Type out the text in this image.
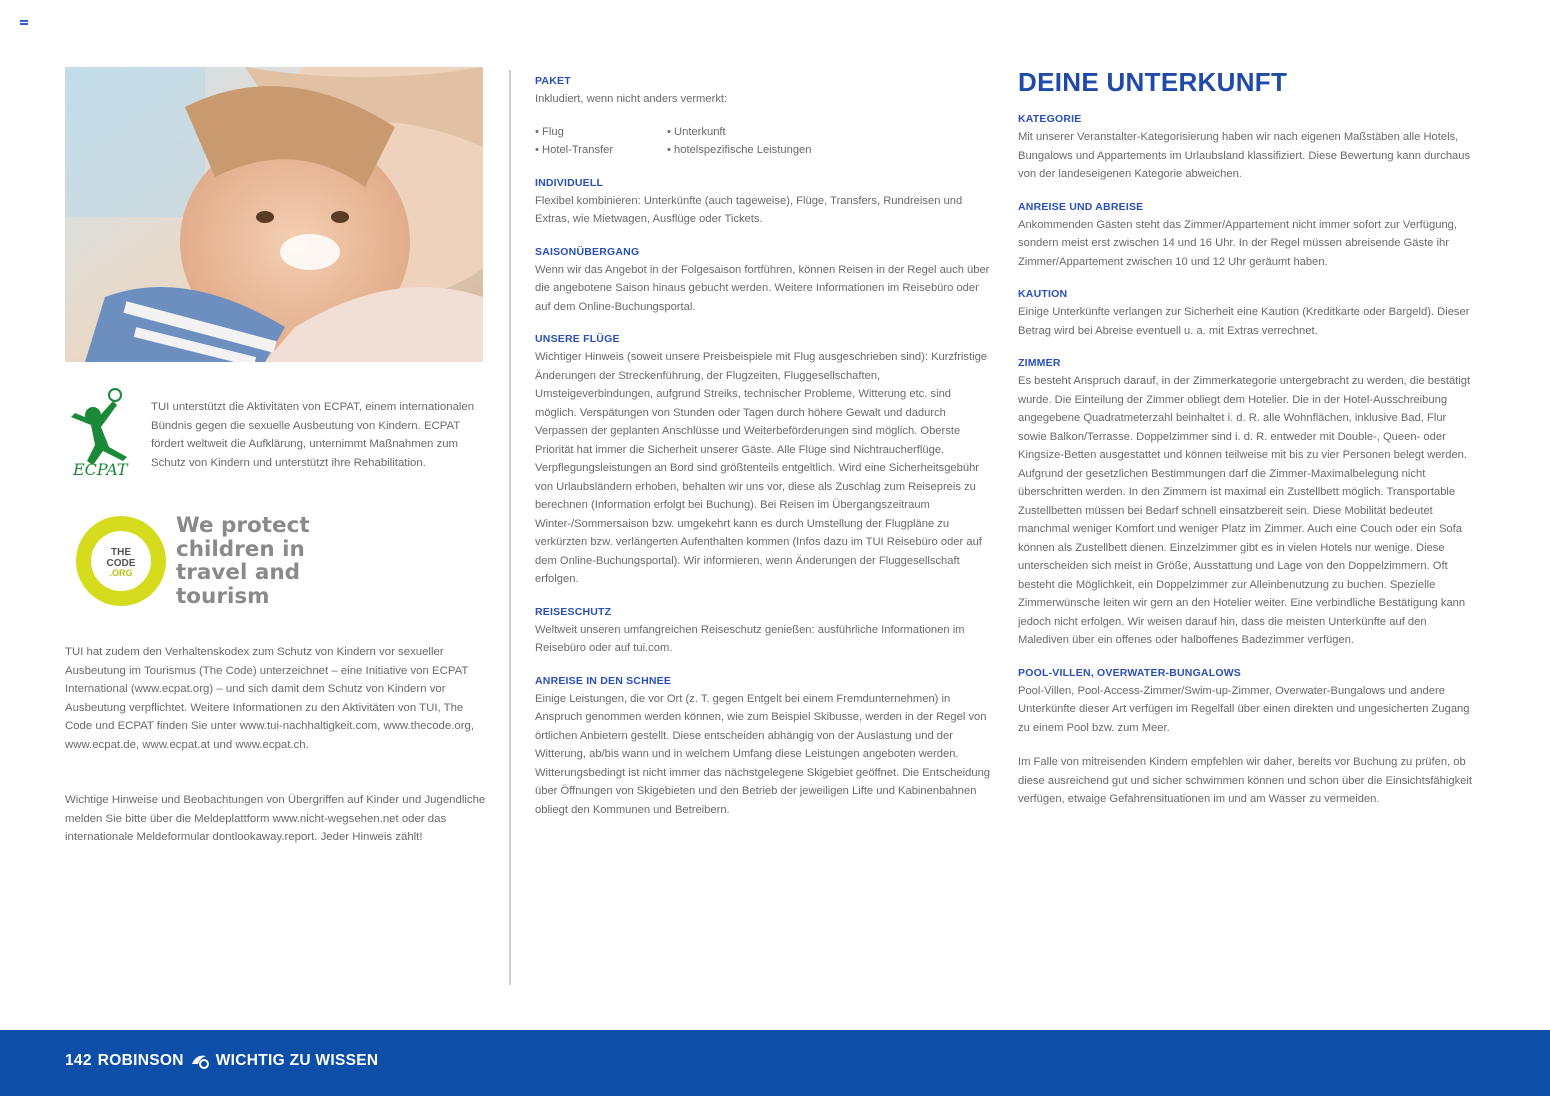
ECPAT

TUI unterstützt die Aktivitäten von ECPAT, einem internationalen Bündnis gegen die sexuelle Ausbeutung von Kindern. ECPAT fördert weltweit die Aufklärung, unternimmt Maßnahmen zum Schutz von Kindern und unterstützt ihre Rehabilitation.

THE
CODE
.ORG
We protect
children in
travel and
tourism

TUI hat zudem den Verhaltenskodex zum Schutz von Kindern vor sexueller Ausbeutung im Tourismus (The Code) unterzeichnet – eine Initiative von ECPAT International (www.ecpat.org) – und sich damit dem Schutz von Kindern vor Ausbeutung verpflichtet. Weitere Informationen zu den Aktivitäten von TUI, The Code und ECPAT finden Sie unter www.tui-nachhaltigkeit.com, www.thecode.org, www.ecpat.de, www.ecpat.at und www.ecpat.ch.

Wichtige Hinweise und Beobachtungen von Übergriffen auf Kinder und Jugendliche melden Sie bitte über die Meldeplattform www.nicht-wegsehen.net oder das internationale Meldeformular dontlookaway.report. Jeder Hinweis zählt!

PAKET

Inkludiert, wenn nicht anders vermerkt:

• Flug
• Hotel-Transfer
• Unterkunft
• hotelspezifische Leistungen
INDIVIDUELL

Flexibel kombinieren: Unterkünfte (auch tageweise), Flüge, Transfers, Rundreisen und Extras, wie Mietwagen, Ausflüge oder Tickets.

SAISONÜBERGANG

Wenn wir das Angebot in der Folgesaison fortführen, können Reisen in der Regel auch über die angebotene Saison hinaus gebucht werden. Weitere Informationen im Reisebüro oder auf dem Online-Buchungsportal.

UNSERE FLÜGE

Wichtiger Hinweis (soweit unsere Preisbeispiele mit Flug ausgeschrieben sind): Kurzfristige Änderungen der Streckenführung, der Flugzeiten, Fluggesellschaften, Umsteigeverbindungen, aufgrund Streiks, technischer Probleme, Witterung etc. sind möglich. Verspätungen von Stunden oder Tagen durch höhere Gewalt und dadurch Verpassen der geplanten Anschlüsse und Weiterbeförderungen sind möglich. Oberste Priorität hat immer die Sicherheit unserer Gäste. Alle Flüge sind Nichtraucherflüge. Verpflegungsleistungen an Bord sind größtenteils entgeltlich. Wird eine Sicherheitsgebühr von Urlaubsländern erhoben, behalten wir uns vor, diese als Zuschlag zum Reisepreis zu berechnen (Information erfolgt bei Buchung). Bei Reisen im Übergangszeitraum Winter-/Sommersaison bzw. umgekehrt kann es durch Umstellung der Flugpläne zu verkürzten bzw. verlängerten Aufenthalten kommen (Infos dazu im TUI Reisebüro oder auf dem Online-Buchungsportal). Wir informieren, wenn Änderungen der Fluggesellschaft erfolgen.

REISESCHUTZ

Weltweit unseren umfangreichen Reiseschutz genießen: ausführliche Informationen im Reisebüro oder auf tui.com.

ANREISE IN DEN SCHNEE

Einige Leistungen, die vor Ort (z. T. gegen Entgelt bei einem Fremdunternehmen) in Anspruch genommen werden können, wie zum Beispiel Skibusse, werden in der Regel von örtlichen Anbietern gestellt. Diese entscheiden abhängig von der Auslastung und der Witterung, ab/bis wann und in welchem Umfang diese Leistungen angeboten werden. Witterungsbedingt ist nicht immer das nächstgelegene Skigebiet geöffnet. Die Entscheidung über Öffnungen von Skigebieten und den Betrieb der jeweiligen Lifte und Kabinenbahnen obliegt den Kommunen und Betreibern.

DEINE UNTERKUNFT
KATEGORIE

Mit unserer Veranstalter-Kategorisierung haben wir nach eigenen Maßstäben alle Hotels, Bungalows und Appartements im Urlaubsland klassifiziert. Diese Bewertung kann durchaus von der landeseigenen Kategorie abweichen.

ANREISE UND ABREISE

Ankommenden Gästen steht das Zimmer/Appartement nicht immer sofort zur Verfügung, sondern meist erst zwischen 14 und 16 Uhr. In der Regel müssen abreisende Gäste ihr Zimmer/Appartement zwischen 10 und 12 Uhr geräumt haben.

KAUTION

Einige Unterkünfte verlangen zur Sicherheit eine Kaution (Kreditkarte oder Bargeld). Dieser Betrag wird bei Abreise eventuell u. a. mit Extras verrechnet.

ZIMMER

Es besteht Anspruch darauf, in der Zimmerkategorie untergebracht zu werden, die bestätigt wurde. Die Einteilung der Zimmer obliegt dem Hotelier. Die in der Hotel-Ausschreibung angegebene Quadratmeterzahl beinhaltet i. d. R. alle Wohnflächen, inklusive Bad, Flur sowie Balkon/Terrasse. Doppelzimmer sind i. d. R. entweder mit Double-, Queen- oder Kingsize-Betten ausgestattet und können teilweise mit bis zu vier Personen belegt werden. Aufgrund der gesetzlichen Bestimmungen darf die Zimmer-Maximalbelegung nicht überschritten werden. In den Zimmern ist maximal ein Zustellbett möglich. Transportable Zustellbetten müssen bei Bedarf schnell einsatzbereit sein. Diese Mobilität bedeutet manchmal weniger Komfort und weniger Platz im Zimmer. Auch eine Couch oder ein Sofa können als Zustellbett dienen. Einzelzimmer gibt es in vielen Hotels nur wenige. Diese unterscheiden sich meist in Größe, Ausstattung und Lage von den Doppelzimmern. Oft besteht die Möglichkeit, ein Doppelzimmer zur Alleinbenutzung zu buchen. Spezielle Zimmerwünsche leiten wir gern an den Hotelier weiter. Eine verbindliche Bestätigung kann jedoch nicht erfolgen. Wir weisen darauf hin, dass die meisten Unterkünfte auf den Malediven über ein offenes oder halboffenes Badezimmer verfügen.

POOL-VILLEN, OVERWATER-BUNGALOWS

Pool-Villen, Pool-Access-Zimmer/Swim-up-Zimmer, Overwater-Bungalows und andere Unterkünfte dieser Art verfügen im Regelfall über einen direkten und ungesicherten Zugang zu einem Pool bzw. zum Meer.

Im Falle von mitreisenden Kindern empfehlen wir daher, bereits vor Buchung zu prüfen, ob diese ausreichend gut und sicher schwimmen können und schon über die Einsichtsfähigkeit verfügen, etwaige Gefahrensituationen im und am Wasser zu vermeiden.

142 ROBINSON WICHTIG ZU WISSEN
